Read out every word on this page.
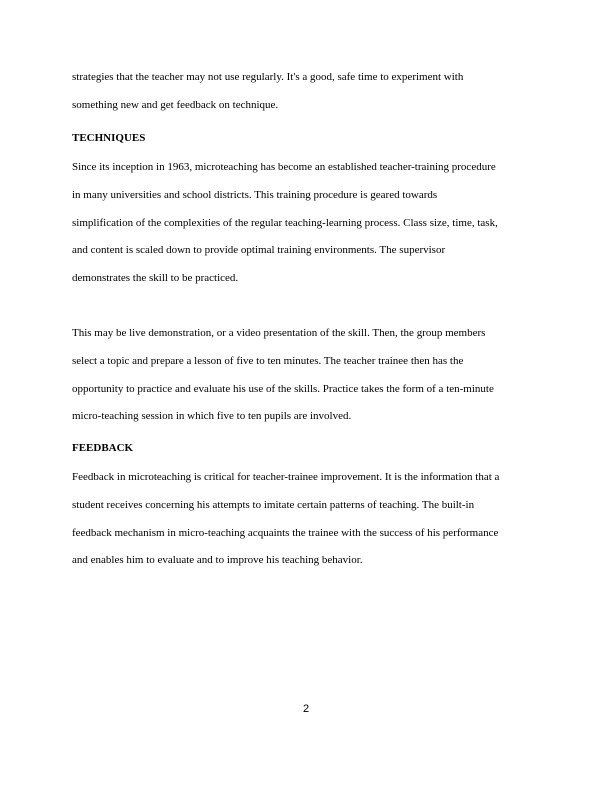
strategies that the teacher may not use regularly. It's a good, safe time to experiment with
something new and get feedback on technique.
TECHNIQUES
Since its inception in 1963, microteaching has become an established teacher-training procedure
in many universities and school districts. This training procedure is geared towards
simplification of the complexities of the regular teaching-learning process. Class size, time, task,
and content is scaled down to provide optimal training environments. The supervisor
demonstrates the skill to be practiced.
This may be live demonstration, or a video presentation of the skill. Then, the group members
select a topic and prepare a lesson of five to ten minutes. The teacher trainee then has the
opportunity to practice and evaluate his use of the skills. Practice takes the form of a ten-minute
micro-teaching session in which five to ten pupils are involved.
FEEDBACK
Feedback in microteaching is critical for teacher-trainee improvement. It is the information that a
student receives concerning his attempts to imitate certain patterns of teaching. The built-in
feedback mechanism in micro-teaching acquaints the trainee with the success of his performance
and enables him to evaluate and to improve his teaching behavior.
2
